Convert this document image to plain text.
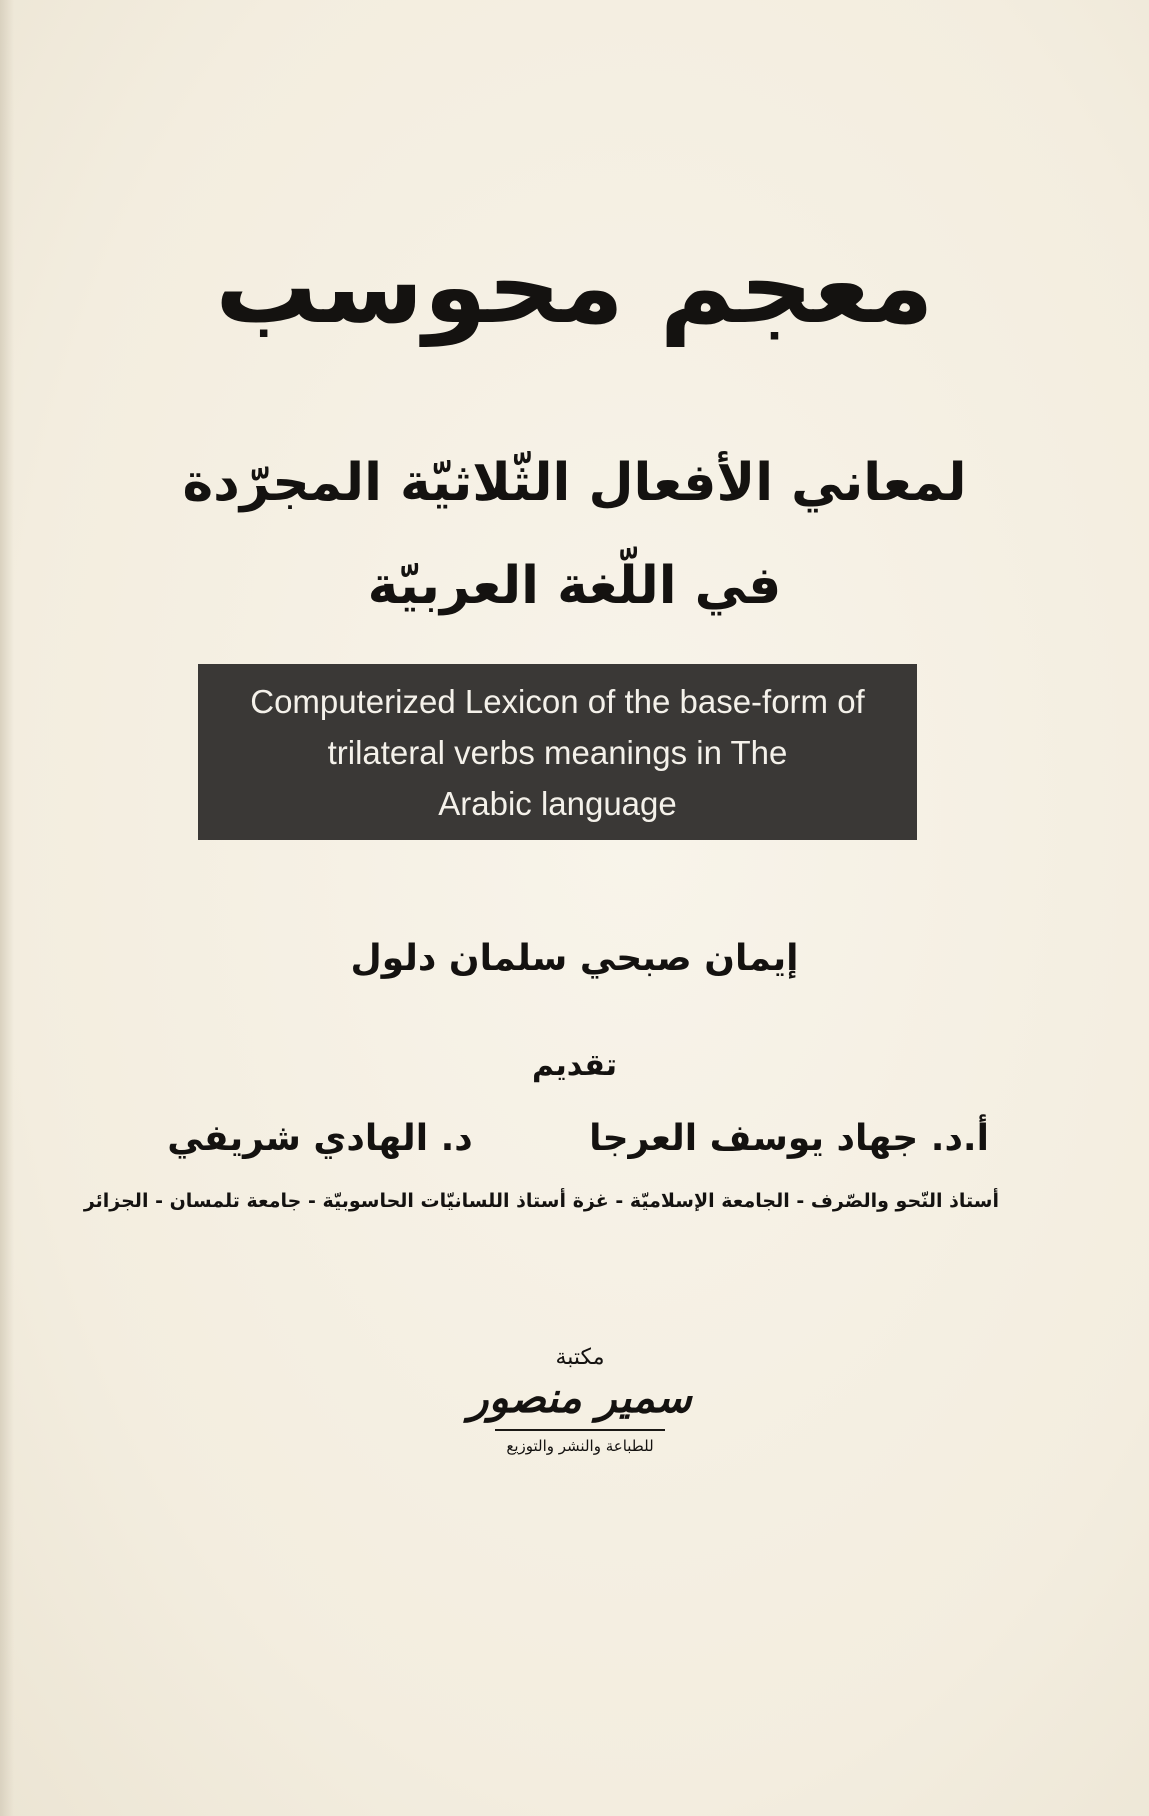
معجم محوسب
لمعاني الأفعال الثّلاثيّة المجرّدة
في اللّغة العربيّة
Computerized Lexicon of the base-form of
trilateral verbs meanings in The
Arabic language
إيمان صبحي سلمان دلول
تقديم
أ.د. جهاد يوسف العرجا
د. الهادي شريفي
أستاذ النّحو والصّرف - الجامعة الإسلاميّة - غزة
أستاذ اللسانيّات الحاسوبيّة - جامعة تلمسان - الجزائر
مكتبة
سمير منصور
للطباعة والنشر والتوزيع
